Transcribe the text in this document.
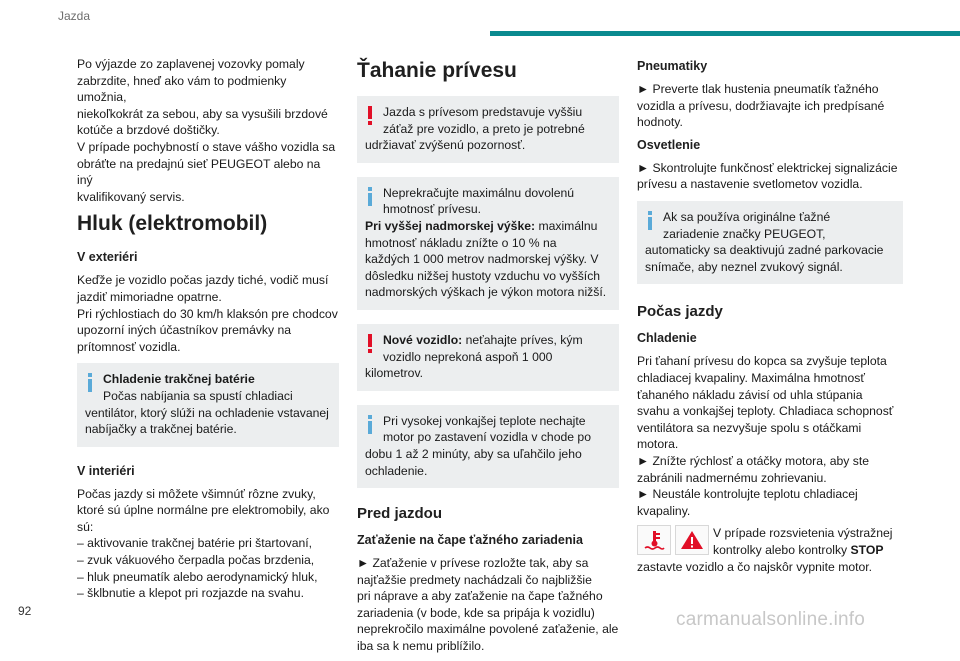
Jazda

Po výjazde zo zaplavenej vozovky pomaly

zabrzdite, hneď ako vám to podmienky umožnia,

niekoľkokrát za sebou, aby sa vysušili brzdové

kotúče a brzdové doštičky.

V prípade pochybností o stave vášho vozidla sa

obráťte na predajnú sieť PEUGEOT alebo na iný

kvalifikovaný servis.

Hluk (elektromobil)
V exteriéri

Keďže je vozidlo počas jazdy tiché, vodič musí

jazdiť mimoriadne opatrne.

Pri rýchlostiach do 30 km/h klaksón pre chodcov

upozorní iných účastníkov premávky na

prítomnosť vozidla.

Chladenie trakčnej batérie

Počas nabíjania sa spustí chladiaci

ventilátor, ktorý slúži na ochladenie vstavanej

nabíjačky a trakčnej batérie.

V interiéri

Počas jazdy si môžete všimnúť rôzne zvuky,

ktoré sú úplne normálne pre elektromobily, ako

sú:

– aktivovanie trakčnej batérie pri štartovaní,

– zvuk vákuového čerpadla počas brzdenia,

– hluk pneumatík alebo aerodynamický hluk,

– šklbnutie a klepot pri rozjazde na svahu.

Ťahanie prívesu

Jazda s prívesom predstavuje vyššiu

záťaž pre vozidlo, a preto je potrebné

udržiavať zvýšenú pozornosť.

Neprekračujte maximálnu dovolenú

hmotnosť prívesu.

Pri vyššej nadmorskej výške: maximálnu

hmotnosť nákladu znížte o 10 % na

každých 1 000 metrov nadmorskej výšky. V

dôsledku nižšej hustoty vzduchu vo vyšších

nadmorských výškach je výkon motora nižší.

Nové vozidlo: neťahajte príves, kým

vozidlo neprekoná aspoň 1 000

kilometrov.

Pri vysokej vonkajšej teplote nechajte

motor po zastavení vozidla v chode po

dobu 1 až 2 minúty, aby sa uľahčilo jeho

ochladenie.

Pred jazdou
Zaťaženie na čape ťažného zariadenia

► Zaťaženie v prívese rozložte tak, aby sa

najťažšie predmety nachádzali čo najbližšie

pri náprave a aby zaťaženie na čape ťažného

zariadenia (v bode, kde sa pripája k vozidlu)

neprekročilo maximálne povolené zaťaženie, ale

iba sa k nemu priblížilo.

Pneumatiky

► Preverte tlak hustenia pneumatík ťažného

vozidla a prívesu, dodržiavajte ich predpísané

hodnoty.

Osvetlenie

► Skontrolujte funkčnosť elektrickej signalizácie

prívesu a nastavenie svetlometov vozidla.

Ak sa používa originálne ťažné

zariadenie značky PEUGEOT,

automaticky sa deaktivujú zadné parkovacie

snímače, aby neznel zvukový signál.

Počas jazdy
Chladenie

Pri ťahaní prívesu do kopca sa zvyšuje teplota

chladiacej kvapaliny. Maximálna hmotnosť

ťahaného nákladu závisí od uhla stúpania

svahu a vonkajšej teploty. Chladiaca schopnosť

ventilátora sa nezvyšuje spolu s otáčkami

motora.

► Znížte rýchlosť a otáčky motora, aby ste

zabránili nadmernému zohrievaniu.

► Neustále kontrolujte teplotu chladiacej

kvapaliny.

V prípade rozsvietenia výstražnej

kontrolky alebo kontrolky STOP

zastavte vozidlo a čo najskôr vypnite motor.

92	carmanualsonline.info
